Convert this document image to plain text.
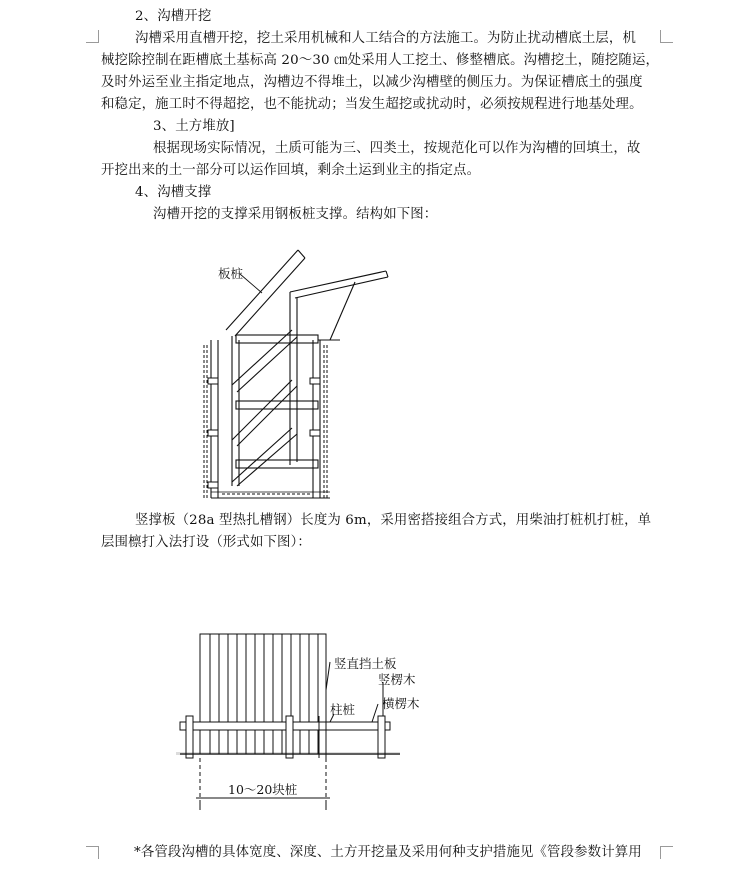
2、沟槽开挖
沟槽采用直槽开挖，挖土采用机械和人工结合的方法施工。为防止扰动槽底土层，机
械挖除控制在距槽底土基标高 20～30 ㎝处采用人工挖土、修整槽底。沟槽挖土，随挖随运，
及时外运至业主指定地点，沟槽边不得堆土，以减少沟槽壁的侧压力。为保证槽底土的强度
和稳定，施工时不得超挖，也不能扰动；当发生超挖或扰动时，必须按规程进行地基处理。
3、土方堆放]
根据现场实际情况，土质可能为三、四类土，按规范化可以作为沟槽的回填土，故
开挖出来的土一部分可以运作回填，剩余土运到业主的指定点。
4、沟槽支撑
沟槽开挖的支撑采用钢板桩支撑。结构如下图：
板桩
竖撑板（28a 型热扎槽钢）长度为 6m，采用密搭接组合方式，用柴油打桩机打桩，单
层围檩打入法打设（形式如下图）：
竖直挡土板
竖楞木
横楞木
柱桩
10～20块桩
*各管段沟槽的具体宽度、深度、土方开挖量及采用何种支护措施见《管段参数计算用
